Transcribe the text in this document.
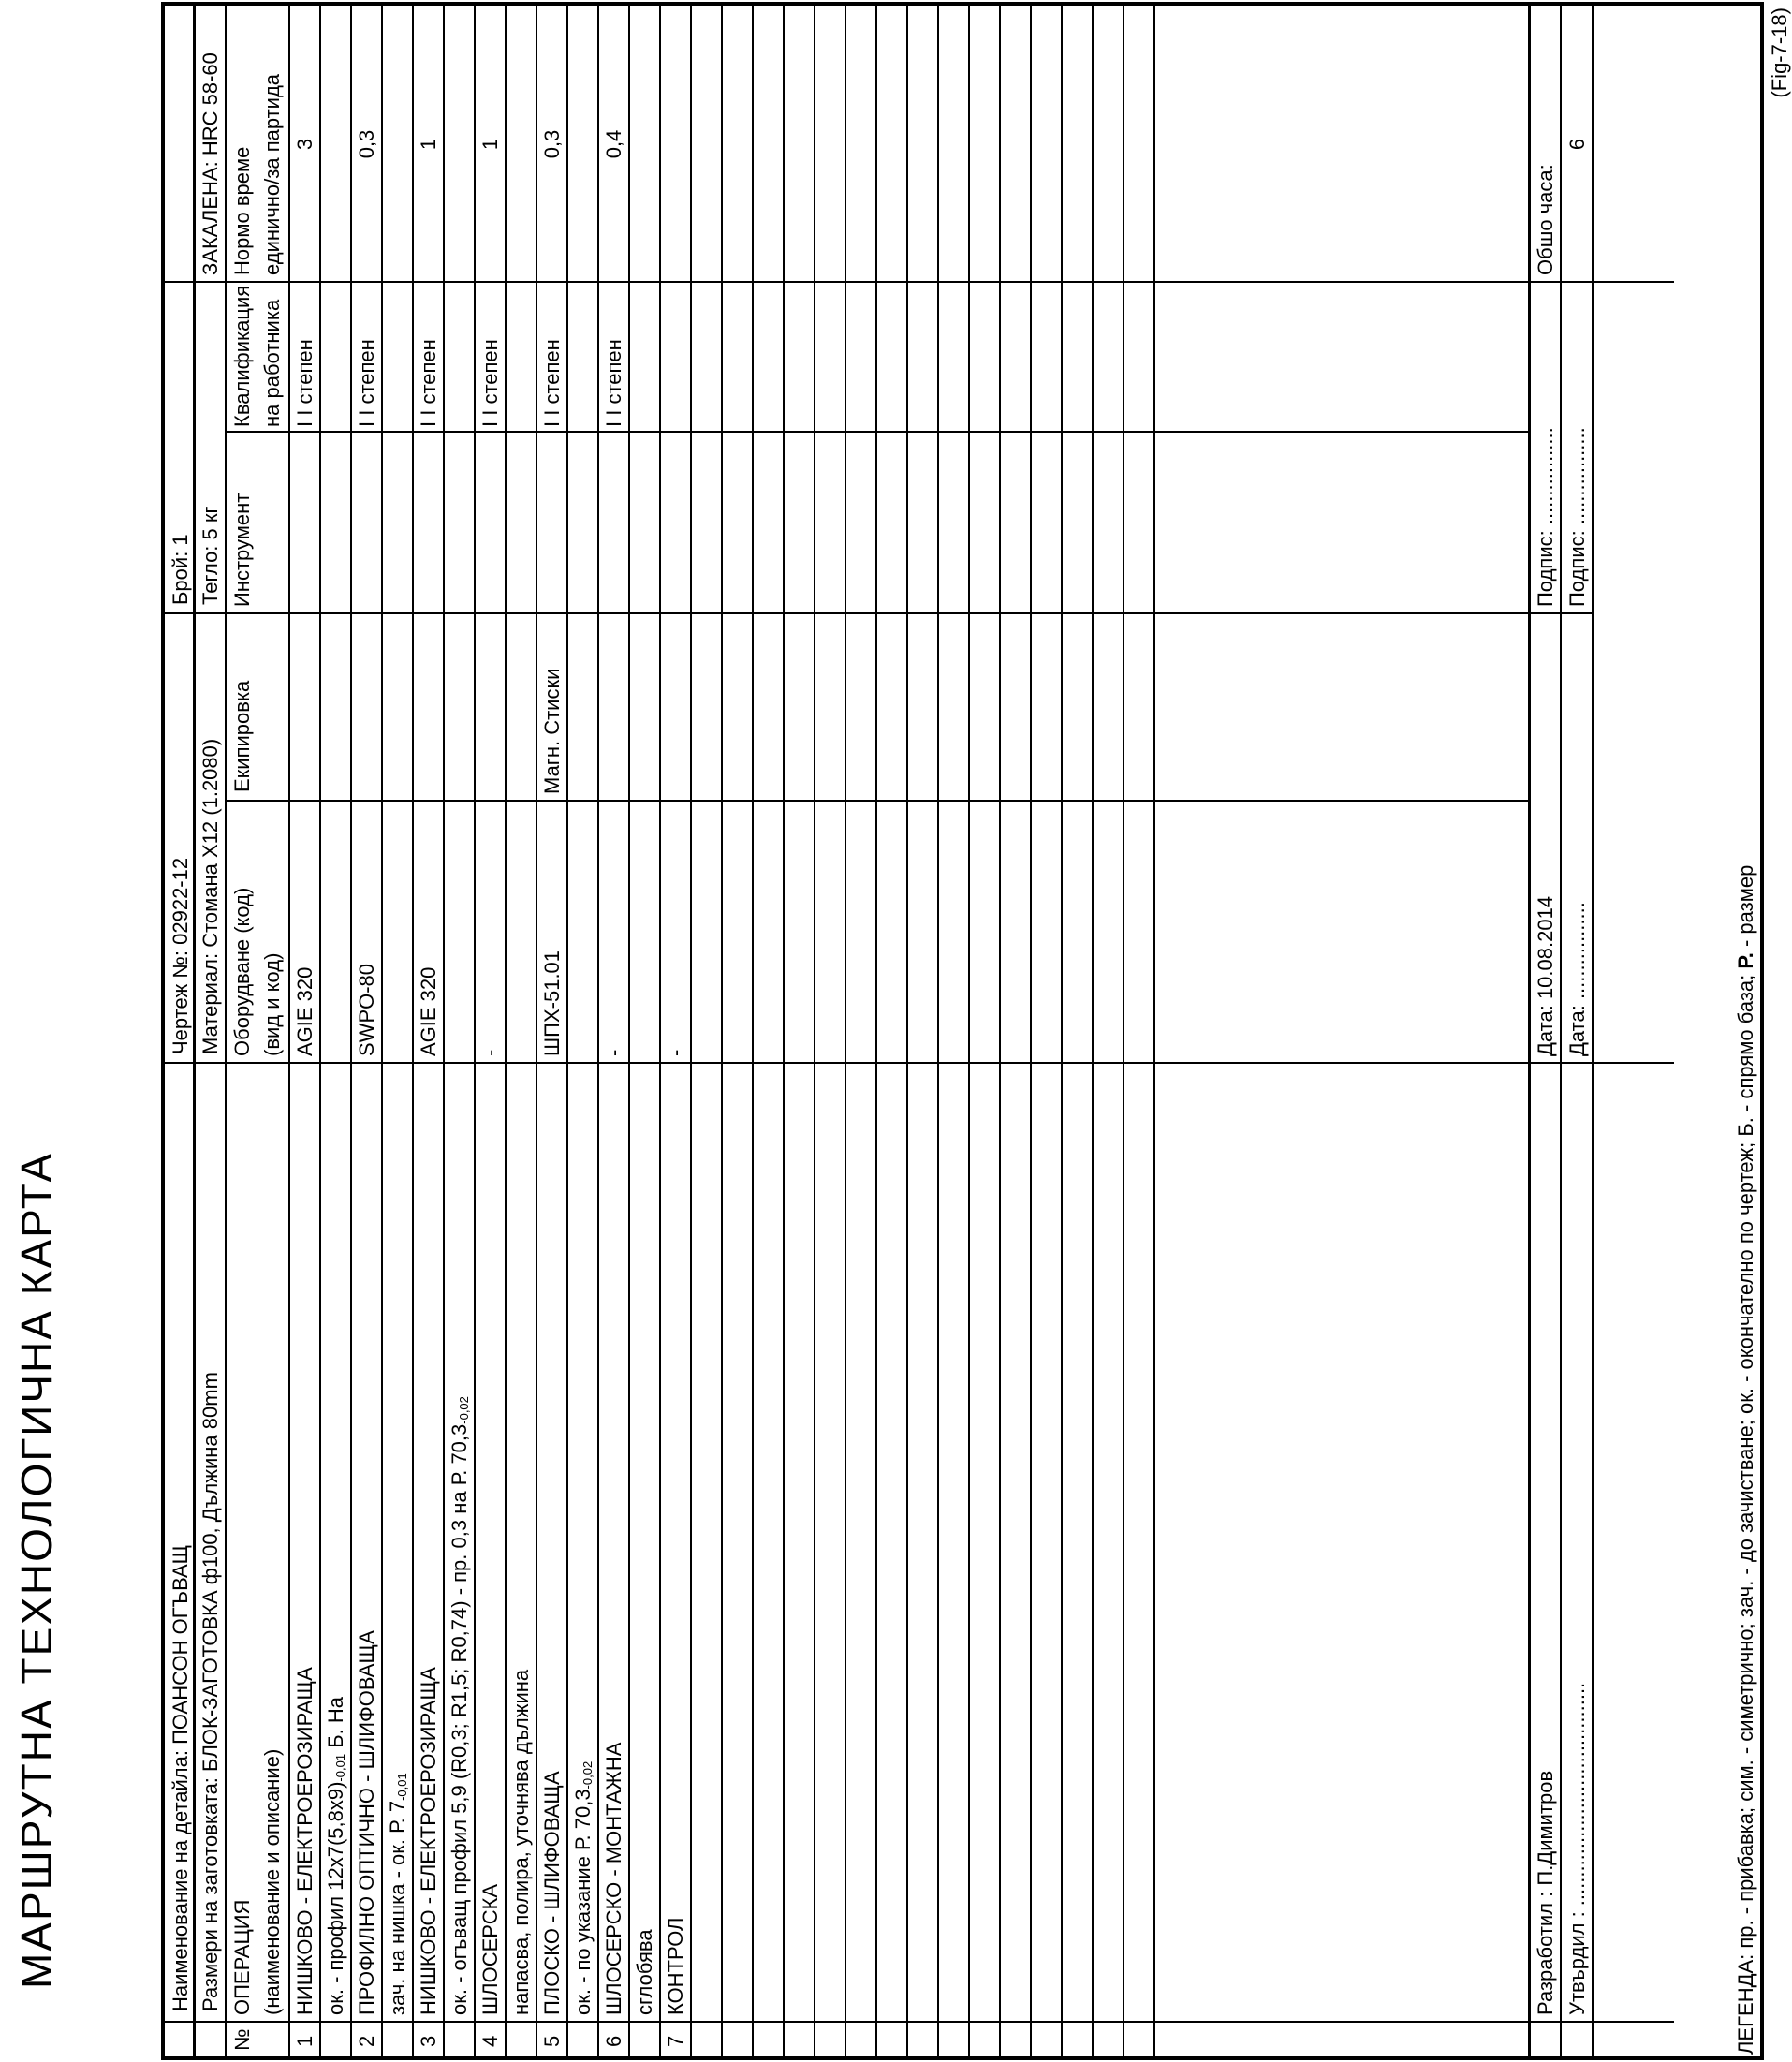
МАРШРУТНА ТЕХНОЛОГИЧНА КАРТА	Наименование на детайла: ПОАНСОН ОГЪВАЩ Размери на заготовката: БЛОК-ЗАГОТОВКА ф100, Дължина 80mm
Чертеж №: 02922-12 Материал: Стомана Х12 (1.2080)
Брой: 1 Тегло: 5 кг
ЗАКАЛЕНА: HRC 58-60
№
ОПЕРАЦИЯ (наименование и описание)
Оборудване (код) (вид и код)
Екипировка
Инструмент
Квалификация на работника
Нормо време единично/за партида
1
НИШКОВО - ЕЛЕКТРОЕРОЗИРАЩА
AGIE 320
I I степен
3
ок. - профил $12х7(5,8х9)_{-0,01}$ Б. На
2
ПРОФИЛНО ОПТИЧНО - ШЛИФОВАЩА
SWPO-80
I I степен
0,3
зач. на нишка - ок. Р. $7_{-0,01}$
3
НИШКОВО - ЕЛЕКТРОЕРОЗИРАЩА
AGIE 320
I I степен
1
ок. - огъващ профил 5,9 (R0,3; R1,5; R0,74) - пр. 0,3 на Р. $70,3_{-0,02}$
4
ШЛОСЕРСКА
-
I I степен
1
напасва, полира, уточнява дължина
5
ПЛОСКО - ШЛИФОВАЩА
ШПХ-51.01
Магн. Стиски
I I степен
0,3
ок. - по указание Р. $70,3_{-0,02}$
6
ШЛОСЕРСКО - МОНТАЖНА
-
I I степен
0,4
сглобява
7
КОНТРОЛ
-
Разработил : П.Димитров
Дата: 10.08.2014
Подпис: .................
Обшо часа:
Утвърдил : .......................................
Дата: .................
Подпис: .................
6
ЛЕГЕНДА: пр. - прибавка; сим. - симетрично; зач. - до зачистване; ок. - окончателно по чертеж; Б. - спрямо база; Р. - размер
(Fig-7-18)
